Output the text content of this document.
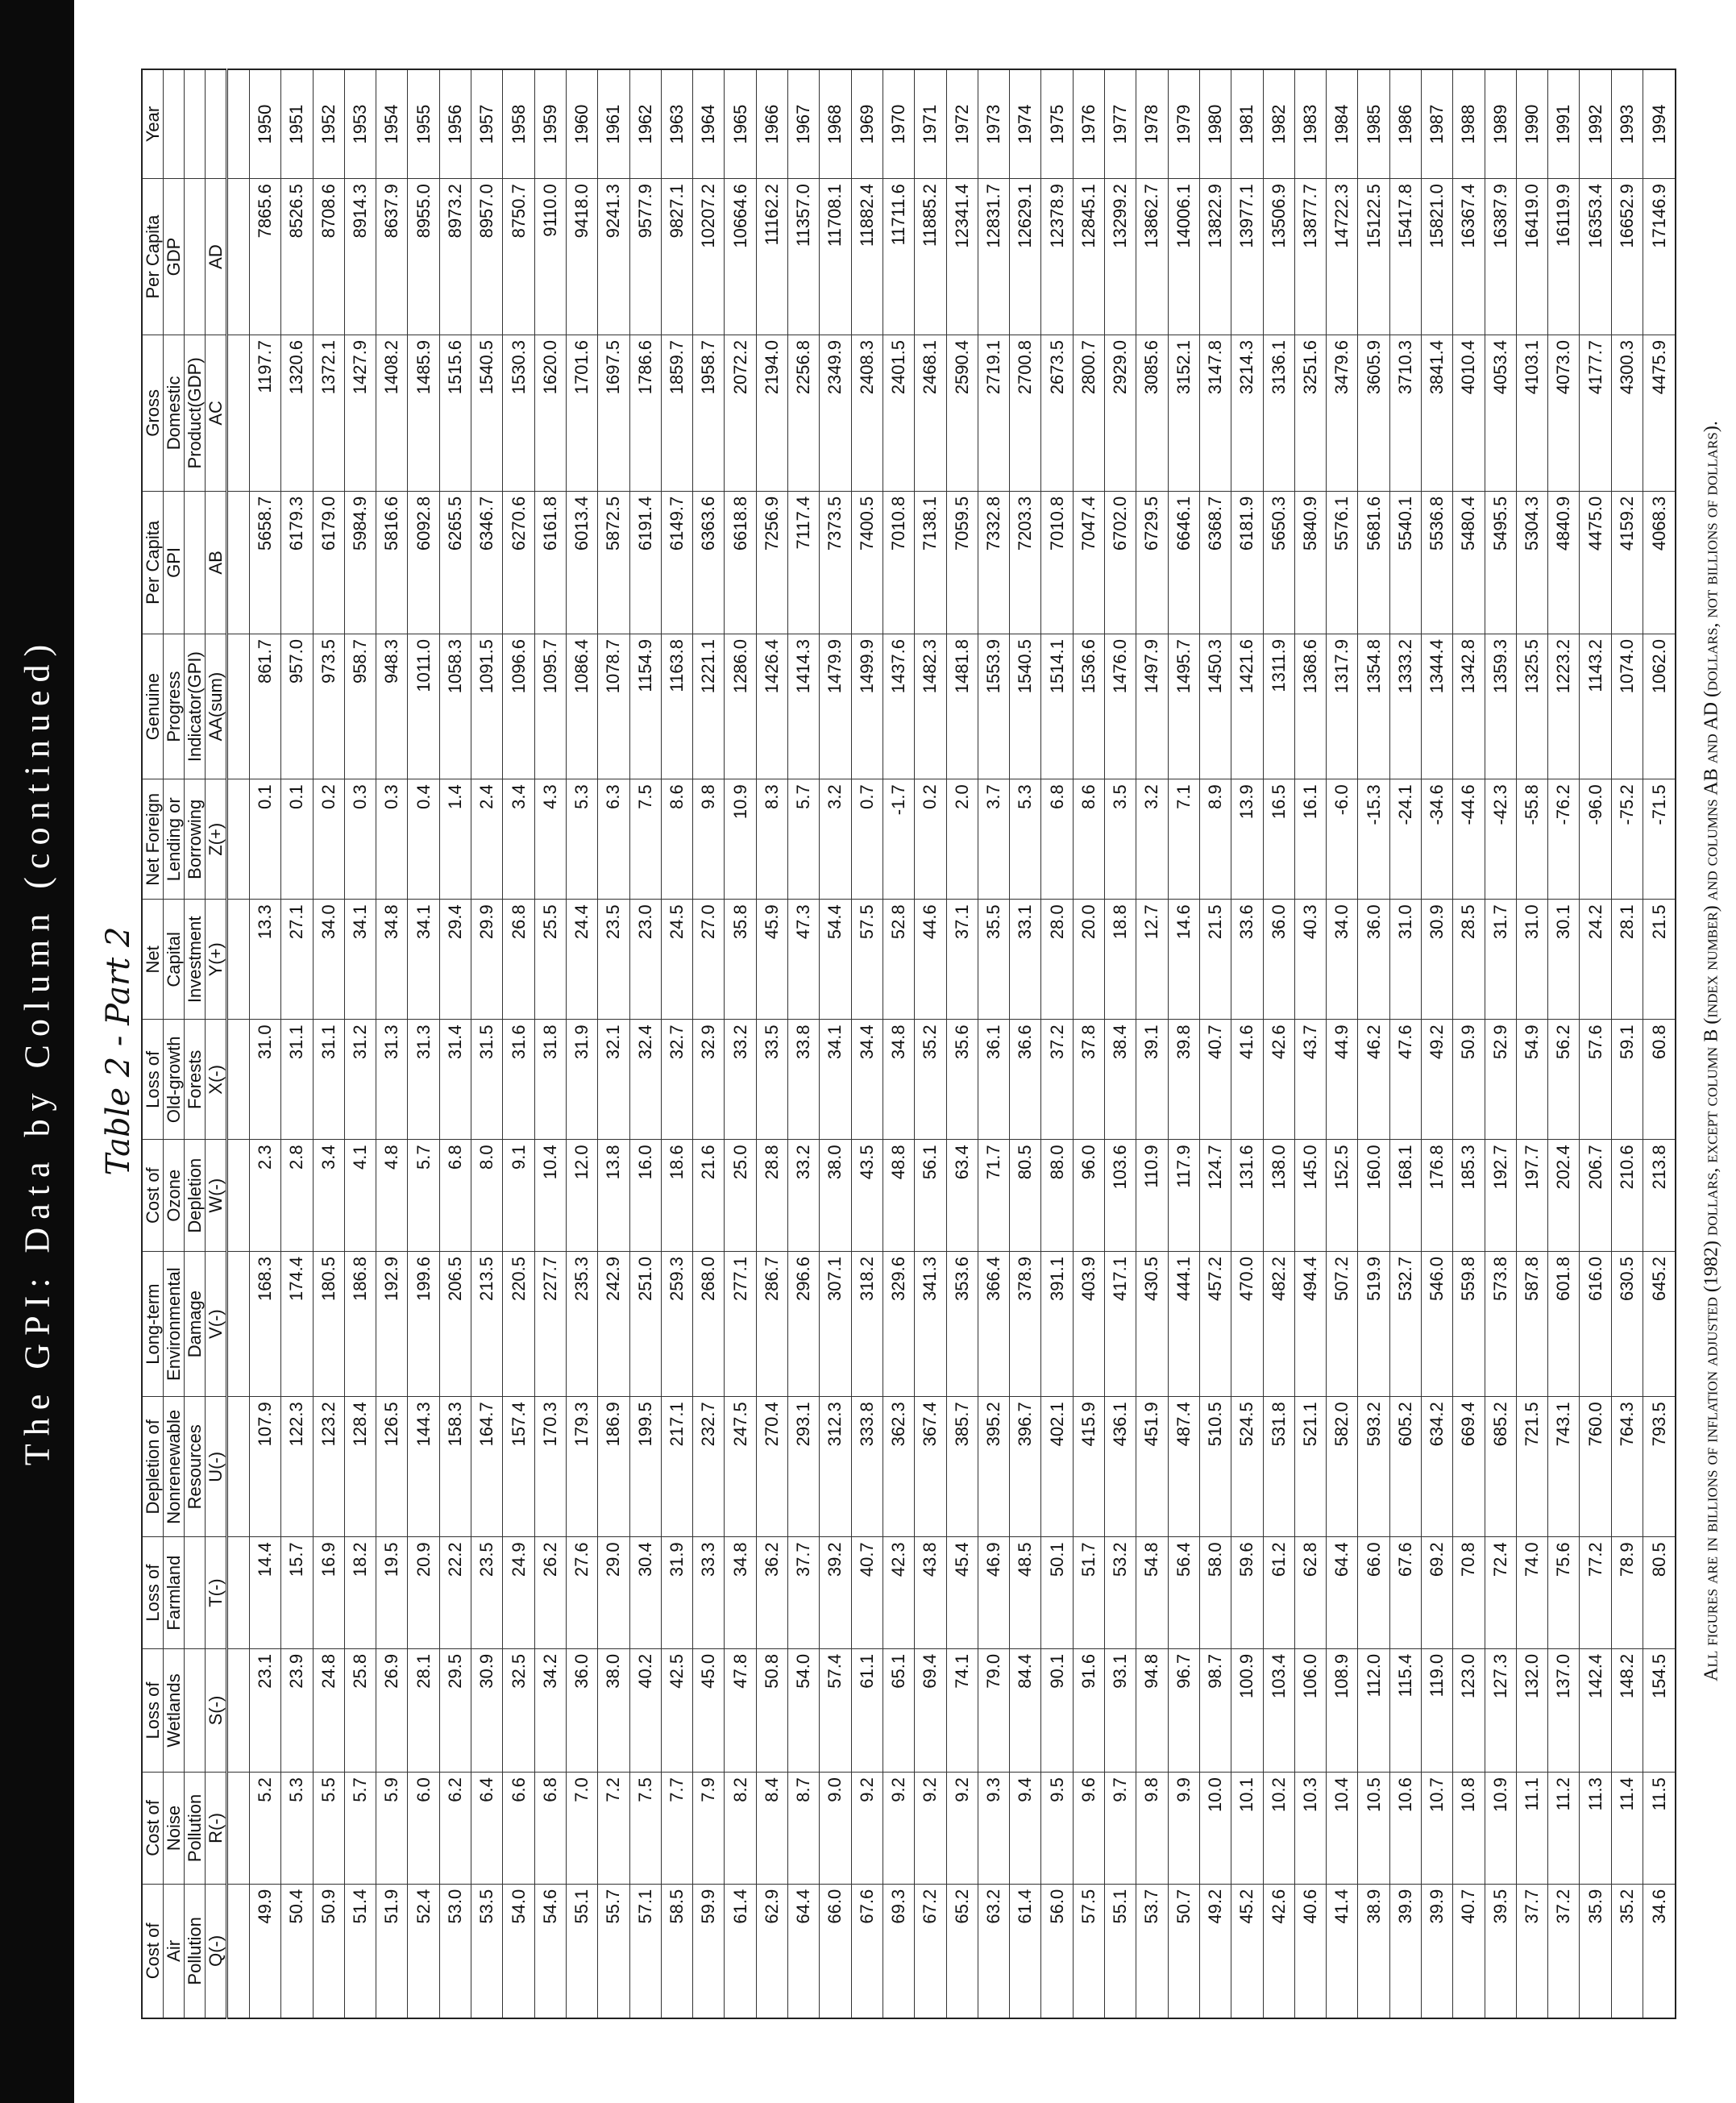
The GPI: Data by Column (continued) Table 2 - Part 2
Cost of	Cost of	Loss of	Loss of	Depletion of	Long-term	Cost of	Loss of	Net	Net Foreign	Genuine	Per Capita	Gross	Per Capita	Year
Air	Noise	Wetlands	Farmland	Nonrenewable	Environmental	Ozone	Old-growth	Capital	Lending or	Progress	GPI	Domestic	GDP	
Pollution	Pollution			Resources	Damage	Depletion	Forests	Investment	Borrowing	Indicator(GPI)		Product(GDP)		
Q(-)	R(-)	S(-)	T(-)	U(-)	V(-)	W(-)	X(-)	Y(+)	Z(+)	AA(sum)	AB	AC	AD	

49.9	5.2	23.1	14.4	107.9	168.3	2.3	31.0	13.3	0.1	861.7	5658.7	1197.7	7865.6	1950
50.4	5.3	23.9	15.7	122.3	174.4	2.8	31.1	27.1	0.1	957.0	6179.3	1320.6	8526.5	1951
50.9	5.5	24.8	16.9	123.2	180.5	3.4	31.1	34.0	0.2	973.5	6179.0	1372.1	8708.6	1952
51.4	5.7	25.8	18.2	128.4	186.8	4.1	31.2	34.1	0.3	958.7	5984.9	1427.9	8914.3	1953
51.9	5.9	26.9	19.5	126.5	192.9	4.8	31.3	34.8	0.3	948.3	5816.6	1408.2	8637.9	1954
52.4	6.0	28.1	20.9	144.3	199.6	5.7	31.3	34.1	0.4	1011.0	6092.8	1485.9	8955.0	1955
53.0	6.2	29.5	22.2	158.3	206.5	6.8	31.4	29.4	1.4	1058.3	6265.5	1515.6	8973.2	1956
53.5	6.4	30.9	23.5	164.7	213.5	8.0	31.5	29.9	2.4	1091.5	6346.7	1540.5	8957.0	1957
54.0	6.6	32.5	24.9	157.4	220.5	9.1	31.6	26.8	3.4	1096.6	6270.6	1530.3	8750.7	1958
54.6	6.8	34.2	26.2	170.3	227.7	10.4	31.8	25.5	4.3	1095.7	6161.8	1620.0	9110.0	1959
55.1	7.0	36.0	27.6	179.3	235.3	12.0	31.9	24.4	5.3	1086.4	6013.4	1701.6	9418.0	1960
55.7	7.2	38.0	29.0	186.9	242.9	13.8	32.1	23.5	6.3	1078.7	5872.5	1697.5	9241.3	1961
57.1	7.5	40.2	30.4	199.5	251.0	16.0	32.4	23.0	7.5	1154.9	6191.4	1786.6	9577.9	1962
58.5	7.7	42.5	31.9	217.1	259.3	18.6	32.7	24.5	8.6	1163.8	6149.7	1859.7	9827.1	1963
59.9	7.9	45.0	33.3	232.7	268.0	21.6	32.9	27.0	9.8	1221.1	6363.6	1958.7	10207.2	1964
61.4	8.2	47.8	34.8	247.5	277.1	25.0	33.2	35.8	10.9	1286.0	6618.8	2072.2	10664.6	1965
62.9	8.4	50.8	36.2	270.4	286.7	28.8	33.5	45.9	8.3	1426.4	7256.9	2194.0	11162.2	1966
64.4	8.7	54.0	37.7	293.1	296.6	33.2	33.8	47.3	5.7	1414.3	7117.4	2256.8	11357.0	1967
66.0	9.0	57.4	39.2	312.3	307.1	38.0	34.1	54.4	3.2	1479.9	7373.5	2349.9	11708.1	1968
67.6	9.2	61.1	40.7	333.8	318.2	43.5	34.4	57.5	0.7	1499.9	7400.5	2408.3	11882.4	1969
69.3	9.2	65.1	42.3	362.3	329.6	48.8	34.8	52.8	-1.7	1437.6	7010.8	2401.5	11711.6	1970
67.2	9.2	69.4	43.8	367.4	341.3	56.1	35.2	44.6	0.2	1482.3	7138.1	2468.1	11885.2	1971
65.2	9.2	74.1	45.4	385.7	353.6	63.4	35.6	37.1	2.0	1481.8	7059.5	2590.4	12341.4	1972
63.2	9.3	79.0	46.9	395.2	366.4	71.7	36.1	35.5	3.7	1553.9	7332.8	2719.1	12831.7	1973
61.4	9.4	84.4	48.5	396.7	378.9	80.5	36.6	33.1	5.3	1540.5	7203.3	2700.8	12629.1	1974
56.0	9.5	90.1	50.1	402.1	391.1	88.0	37.2	28.0	6.8	1514.1	7010.8	2673.5	12378.9	1975
57.5	9.6	91.6	51.7	415.9	403.9	96.0	37.8	20.0	8.6	1536.6	7047.4	2800.7	12845.1	1976
55.1	9.7	93.1	53.2	436.1	417.1	103.6	38.4	18.8	3.5	1476.0	6702.0	2929.0	13299.2	1977
53.7	9.8	94.8	54.8	451.9	430.5	110.9	39.1	12.7	3.2	1497.9	6729.5	3085.6	13862.7	1978
50.7	9.9	96.7	56.4	487.4	444.1	117.9	39.8	14.6	7.1	1495.7	6646.1	3152.1	14006.1	1979
49.2	10.0	98.7	58.0	510.5	457.2	124.7	40.7	21.5	8.9	1450.3	6368.7	3147.8	13822.9	1980
45.2	10.1	100.9	59.6	524.5	470.0	131.6	41.6	33.6	13.9	1421.6	6181.9	3214.3	13977.1	1981
42.6	10.2	103.4	61.2	531.8	482.2	138.0	42.6	36.0	16.5	1311.9	5650.3	3136.1	13506.9	1982
40.6	10.3	106.0	62.8	521.1	494.4	145.0	43.7	40.3	16.1	1368.6	5840.9	3251.6	13877.7	1983
41.4	10.4	108.9	64.4	582.0	507.2	152.5	44.9	34.0	-6.0	1317.9	5576.1	3479.6	14722.3	1984
38.9	10.5	112.0	66.0	593.2	519.9	160.0	46.2	36.0	-15.3	1354.8	5681.6	3605.9	15122.5	1985
39.9	10.6	115.4	67.6	605.2	532.7	168.1	47.6	31.0	-24.1	1333.2	5540.1	3710.3	15417.8	1986
39.9	10.7	119.0	69.2	634.2	546.0	176.8	49.2	30.9	-34.6	1344.4	5536.8	3841.4	15821.0	1987
40.7	10.8	123.0	70.8	669.4	559.8	185.3	50.9	28.5	-44.6	1342.8	5480.4	4010.4	16367.4	1988
39.5	10.9	127.3	72.4	685.2	573.8	192.7	52.9	31.7	-42.3	1359.3	5495.5	4053.4	16387.9	1989
37.7	11.1	132.0	74.0	721.5	587.8	197.7	54.9	31.0	-55.8	1325.5	5304.3	4103.1	16419.0	1990
37.2	11.2	137.0	75.6	743.1	601.8	202.4	56.2	30.1	-76.2	1223.2	4840.9	4073.0	16119.9	1991
35.9	11.3	142.4	77.2	760.0	616.0	206.7	57.6	24.2	-96.0	1143.2	4475.0	4177.7	16353.4	1992
35.2	11.4	148.2	78.9	764.3	630.5	210.6	59.1	28.1	-75.2	1074.0	4159.2	4300.3	16652.9	1993
34.6	11.5	154.5	80.5	793.5	645.2	213.8	60.8	21.5	-71.5	1062.0	4068.3	4475.9	17146.9	1994
All figures are in billions of inflation adjusted (1982) dollars, except column B (index number) and columns AB and AD (dollars, not billions of dollars).
